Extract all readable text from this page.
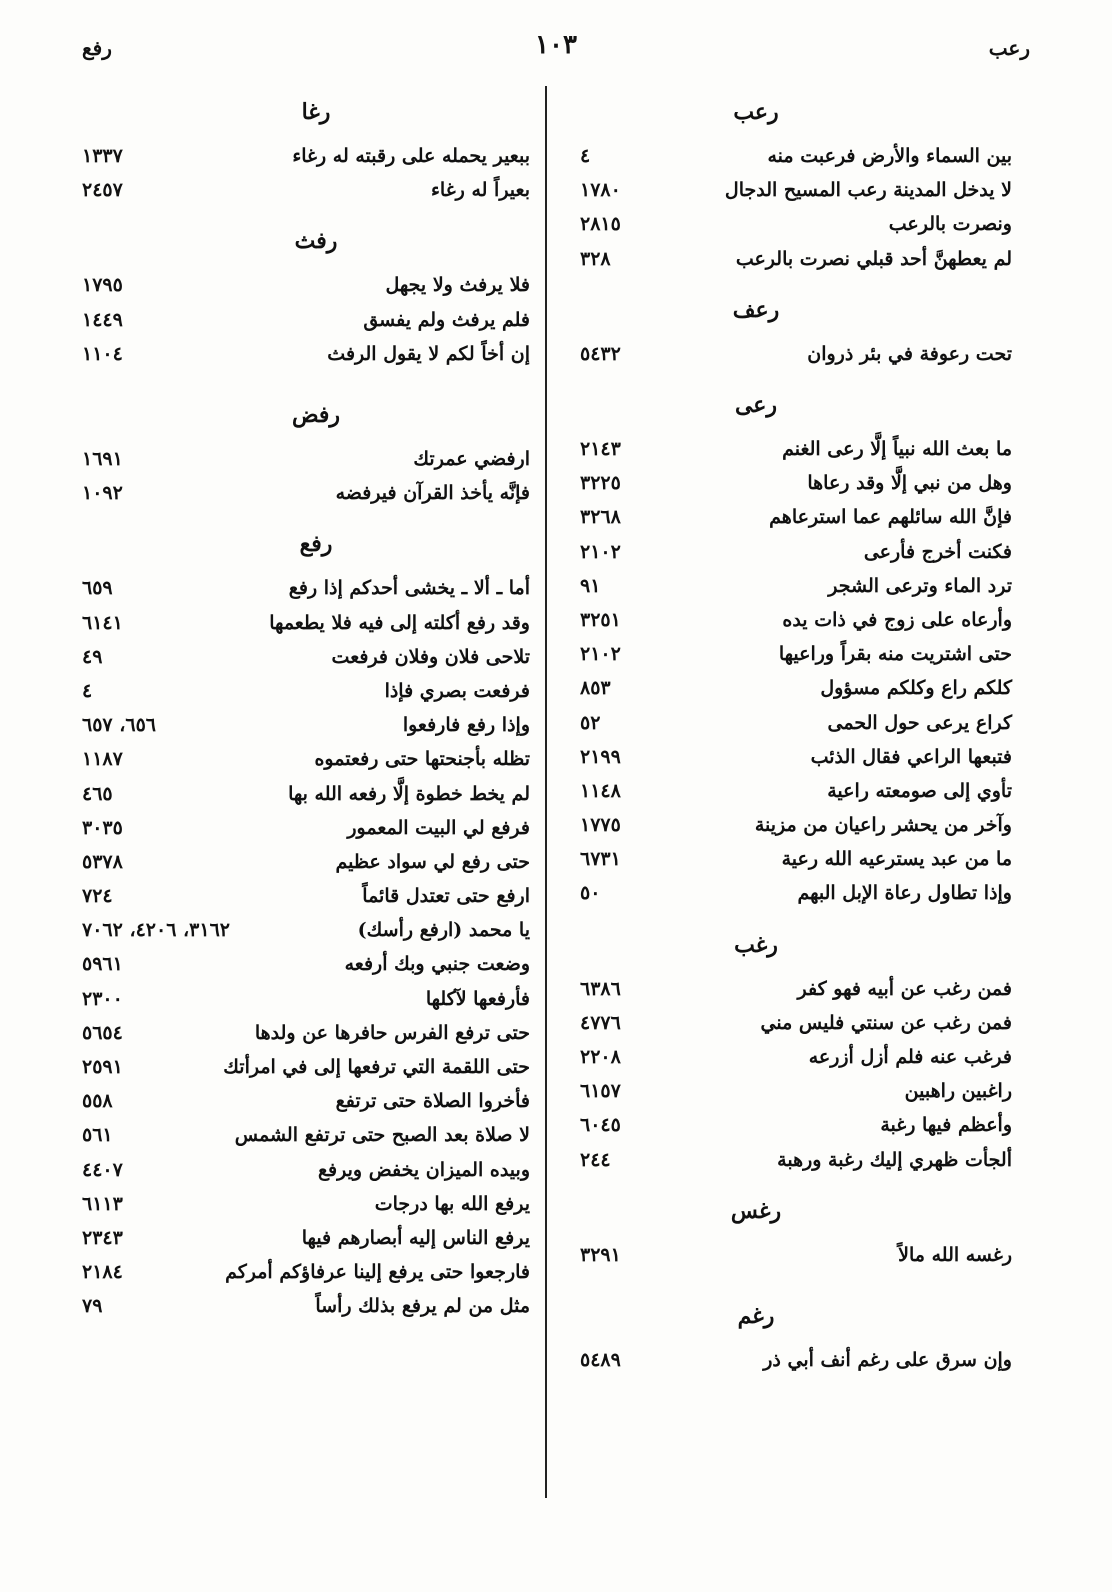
رعب
١٠٣
رفع
رعب
بين السماء والأرض فرعبت منه
٤
لا يدخل المدينة رعب المسيح الدجال
١٧٨٠
ونصرت بالرعب
٢٨١٥
لم يعطهنَّ أحد قبلي نصرت بالرعب
٣٢٨
رعف
تحت رعوفة في بئر ذروان
٥٤٣٢
رعى
ما بعث الله نبياً إلَّا رعى الغنم
٢١٤٣
وهل من نبي إلَّا وقد رعاها
٣٢٢٥
فإنَّ الله سائلهم عما استرعاهم
٣٢٦٨
فكنت أخرج فأرعى
٢١٠٢
ترد الماء وترعى الشجر
٩١
وأرعاه على زوج في ذات يده
٣٢٥١
حتى اشتريت منه بقراً وراعيها
٢١٠٢
كلكم راع وكلكم مسؤول
٨٥٣
كراع يرعى حول الحمى
٥٢
فتبعها الراعي فقال الذئب
٢١٩٩
تأوي إلى صومعته راعية
١١٤٨
وآخر من يحشر راعيان من مزينة
١٧٧٥
ما من عبد يسترعيه الله رعية
٦٧٣١
وإذا تطاول رعاة الإبل البهم
٥٠
رغب
فمن رغب عن أبيه فهو كفر
٦٣٨٦
فمن رغب عن سنتي فليس مني
٤٧٧٦
فرغب عنه فلم أزل أزرعه
٢٢٠٨
راغبين راهبين
٦١٥٧
وأعظم فيها رغبة
٦٠٤٥
ألجأت ظهري إليك رغبة ورهبة
٢٤٤
رغس
رغسه الله مالاً
٣٢٩١
رغم
وإن سرق على رغم أنف أبي ذر
٥٤٨٩
رغا
ببعير يحمله على رقبته له رغاء
١٣٣٧
بعيراً له رغاء
٢٤٥٧
رفث
فلا يرفث ولا يجهل
١٧٩٥
فلم يرفث ولم يفسق
١٤٤٩
إن أخاً لكم لا يقول الرفث
١١٠٤
رفض
ارفضي عمرتك
١٦٩١
فإنَّه يأخذ القرآن فيرفضه
١٠٩٢
رفع
أما ـ ألا ـ يخشى أحدكم إذا رفع
٦٥٩
وقد رفع أكلته إلى فيه فلا يطعمها
٦١٤١
تلاحى فلان وفلان فرفعت
٤٩
فرفعت بصري فإذا
٤
وإذا رفع فارفعوا
٦٥٦، ٦٥٧
تظله بأجنحتها حتى رفعتموه
١١٨٧
لم يخط خطوة إلَّا رفعه الله بها
٤٦٥
فرفع لي البيت المعمور
٣٠٣٥
حتى رفع لي سواد عظيم
٥٣٧٨
ارفع حتى تعتدل قائماً
٧٢٤
يا محمد (ارفع رأسك)
٣١٦٢، ٤٢٠٦، ٧٠٦٢
وضعت جنبي وبك أرفعه
٥٩٦١
فأرفعها لآكلها
٢٣٠٠
حتى ترفع الفرس حافرها عن ولدها
٥٦٥٤
حتى اللقمة التي ترفعها إلى في امرأتك
٢٥٩١
فأخروا الصلاة حتى ترتفع
٥٥٨
لا صلاة بعد الصبح حتى ترتفع الشمس
٥٦١
وبيده الميزان يخفض ويرفع
٤٤٠٧
يرفع الله بها درجات
٦١١٣
يرفع الناس إليه أبصارهم فيها
٢٣٤٣
فارجعوا حتى يرفع إلينا عرفاؤكم أمركم
٢١٨٤
مثل من لم يرفع بذلك رأساً
٧٩
